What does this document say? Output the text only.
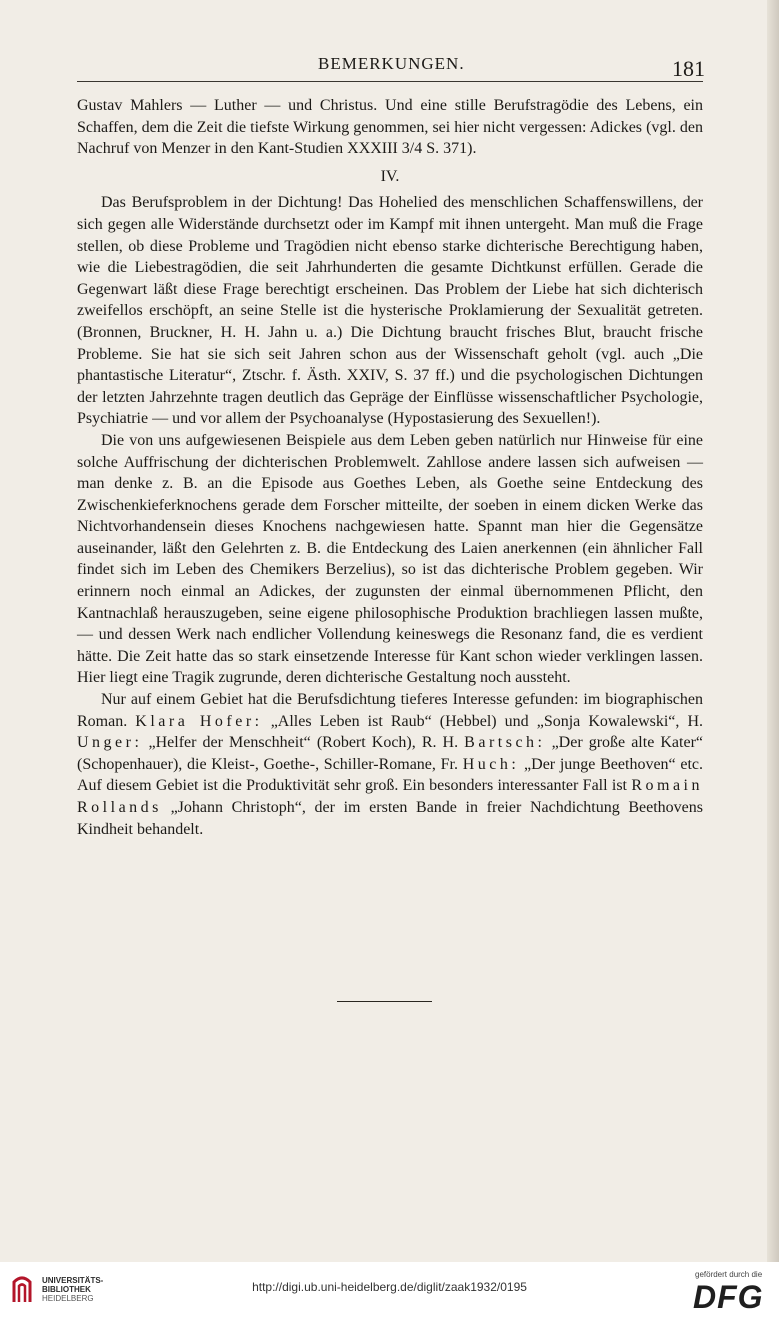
BEMERKUNGEN.	181

Gustav Mahlers — Luther — und Christus. Und eine stille Berufstragödie des Lebens, ein Schaffen, dem die Zeit die tiefste Wirkung genommen, sei hier nicht vergessen: Adickes (vgl. den Nachruf von Menzer in den Kant-Studien XXXIII 3/4 S. 371).

IV.

Das Berufsproblem in der Dichtung! Das Hohelied des menschlichen Schaffenswillens, der sich gegen alle Widerstände durchsetzt oder im Kampf mit ihnen untergeht. Man muß die Frage stellen, ob diese Probleme und Tragödien nicht ebenso starke dichterische Berechtigung haben, wie die Liebestragödien, die seit Jahrhunderten die gesamte Dichtkunst erfüllen. Gerade die Gegenwart läßt diese Frage berechtigt erscheinen. Das Problem der Liebe hat sich dichterisch zweifellos erschöpft, an seine Stelle ist die hysterische Proklamierung der Sexualität getreten. (Bronnen, Bruckner, H. H. Jahn u. a.) Die Dichtung braucht frisches Blut, braucht frische Probleme. Sie hat sie sich seit Jahren schon aus der Wissenschaft geholt (vgl. auch „Die phantastische Literatur“, Ztschr. f. Ästh. XXIV, S. 37 ff.) und die psychologischen Dichtungen der letzten Jahrzehnte tragen deutlich das Gepräge der Einflüsse wissenschaftlicher Psychologie, Psychiatrie — und vor allem der Psychoanalyse (Hypostasierung des Sexuellen!).

Die von uns aufgewiesenen Beispiele aus dem Leben geben natürlich nur Hinweise für eine solche Auffrischung der dichterischen Problemwelt. Zahllose andere lassen sich aufweisen — man denke z. B. an die Episode aus Goethes Leben, als Goethe seine Entdeckung des Zwischenkieferknochens gerade dem Forscher mitteilte, der soeben in einem dicken Werke das Nichtvorhandensein dieses Knochens nachgewiesen hatte. Spannt man hier die Gegensätze auseinander, läßt den Gelehrten z. B. die Entdeckung des Laien anerkennen (ein ähnlicher Fall findet sich im Leben des Chemikers Berzelius), so ist das dichterische Problem gegeben. Wir erinnern noch einmal an Adickes, der zugunsten der einmal übernommenen Pflicht, den Kantnachlaß herauszugeben, seine eigene philosophische Produktion brachliegen lassen mußte, — und dessen Werk nach endlicher Vollendung keineswegs die Resonanz fand, die es verdient hätte. Die Zeit hatte das so stark einsetzende Interesse für Kant schon wieder verklingen lassen. Hier liegt eine Tragik zugrunde, deren dichterische Gestaltung noch aussteht.

Nur auf einem Gebiet hat die Berufsdichtung tieferes Interesse gefunden: im biographischen Roman. Klara Hofer: „Alles Leben ist Raub“ (Hebbel) und „Sonja Kowalewski“, H. Unger: „Helfer der Menschheit“ (Robert Koch), R. H. Bartsch: „Der große alte Kater“ (Schopenhauer), die Kleist-, Goethe-, Schiller-Romane, Fr. Huch: „Der junge Beethoven“ etc. Auf diesem Gebiet ist die Produktivität sehr groß. Ein besonders interessanter Fall ist Romain Rollands „Johann Christoph“, der im ersten Bande in freier Nachdichtung Beethovens Kindheit behandelt.

UNIVERSITÄTS-
BIBLIOTHEK
HEIDELBERG
http://digi.ub.uni-heidelberg.de/diglit/zaak1932/0195
gefördert durch die
DFG
